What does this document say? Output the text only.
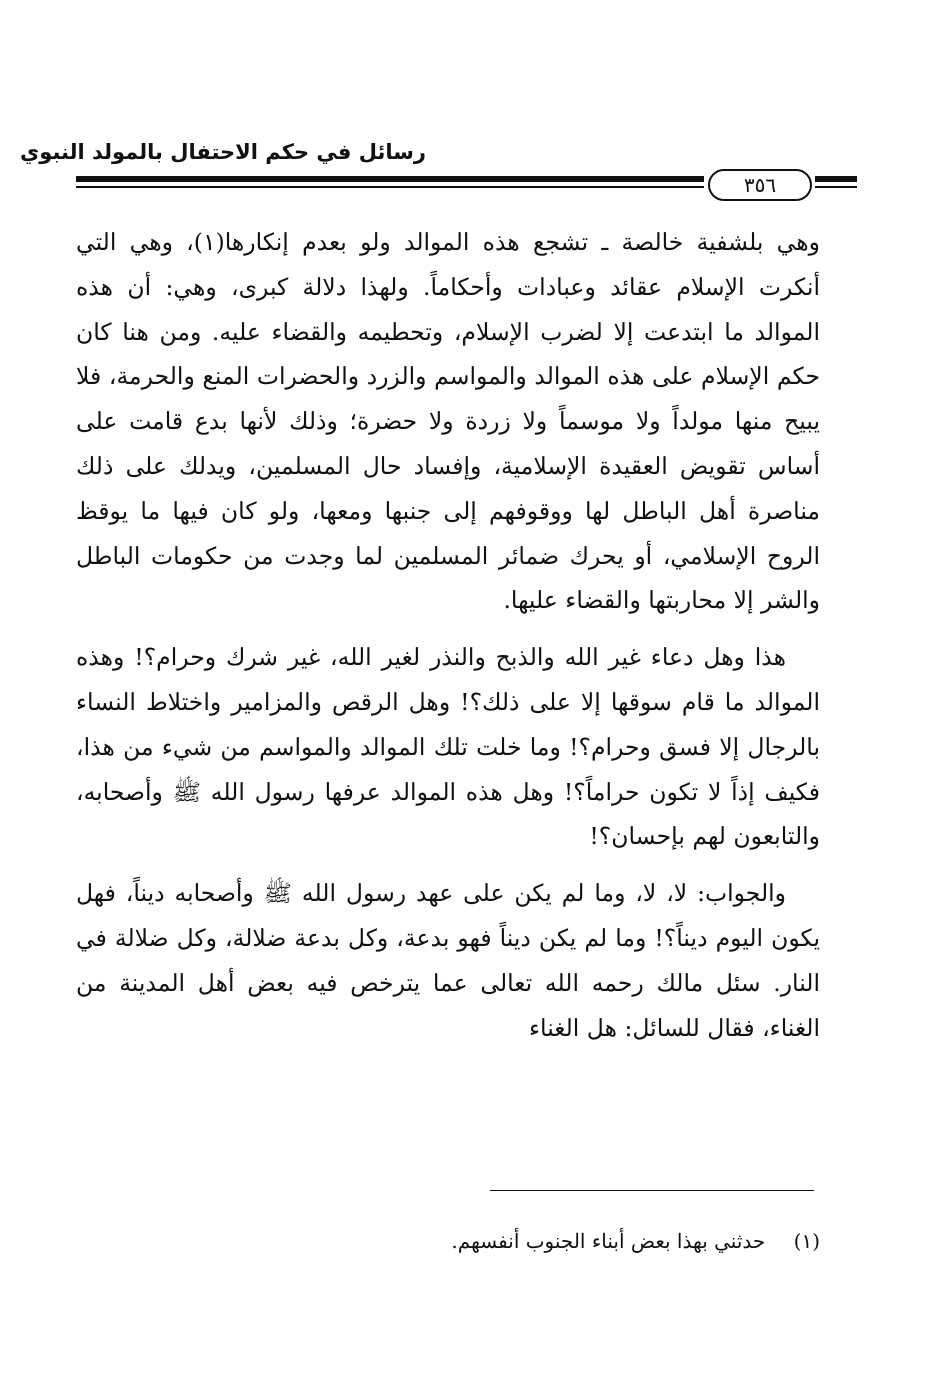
رسائل في حكم الاحتفال بالمولد النبوي
٣٥٦

وهي بلشفية خالصة ـ تشجع هذه الموالد ولو بعدم إنكارها(١)، وهي التي أنكرت الإسلام عقائد وعبادات وأحكاماً. ولهذا دلالة كبرى، وهي: أن هذه الموالد ما ابتدعت إلا لضرب الإسلام، وتحطيمه والقضاء عليه. ومن هنا كان حكم الإسلام على هذه الموالد والمواسم والزرد والحضرات المنع والحرمة، فلا يبيح منها مولداً ولا موسماً ولا زردة ولا حضرة؛ وذلك لأنها بدع قامت على أساس تقويض العقيدة الإسلامية، وإفساد حال المسلمين، ويدلك على ذلك مناصرة أهل الباطل لها ووقوفهم إلى جنبها ومعها، ولو كان فيها ما يوقظ الروح الإسلامي، أو يحرك ضمائر المسلمين لما وجدت من حكومات الباطل والشر إلا محاربتها والقضاء عليها.

هذا وهل دعاء غير الله والذبح والنذر لغير الله، غير شرك وحرام؟! وهذه الموالد ما قام سوقها إلا على ذلك؟! وهل الرقص والمزامير واختلاط النساء بالرجال إلا فسق وحرام؟! وما خلت تلك الموالد والمواسم من شيء من هذا، فكيف إذاً لا تكون حراماً؟! وهل هذه الموالد عرفها رسول الله ﷺ وأصحابه، والتابعون لهم بإحسان؟!

والجواب: لا، لا، وما لم يكن على عهد رسول الله ﷺ وأصحابه ديناً، فهل يكون اليوم ديناً؟! وما لم يكن ديناً فهو بدعة، وكل بدعة ضلالة، وكل ضلالة في النار. سئل مالك رحمه الله تعالى عما يترخص فيه بعض أهل المدينة من الغناء، فقال للسائل: هل الغناء

(١) حدثني بهذا بعض أبناء الجنوب أنفسهم.
